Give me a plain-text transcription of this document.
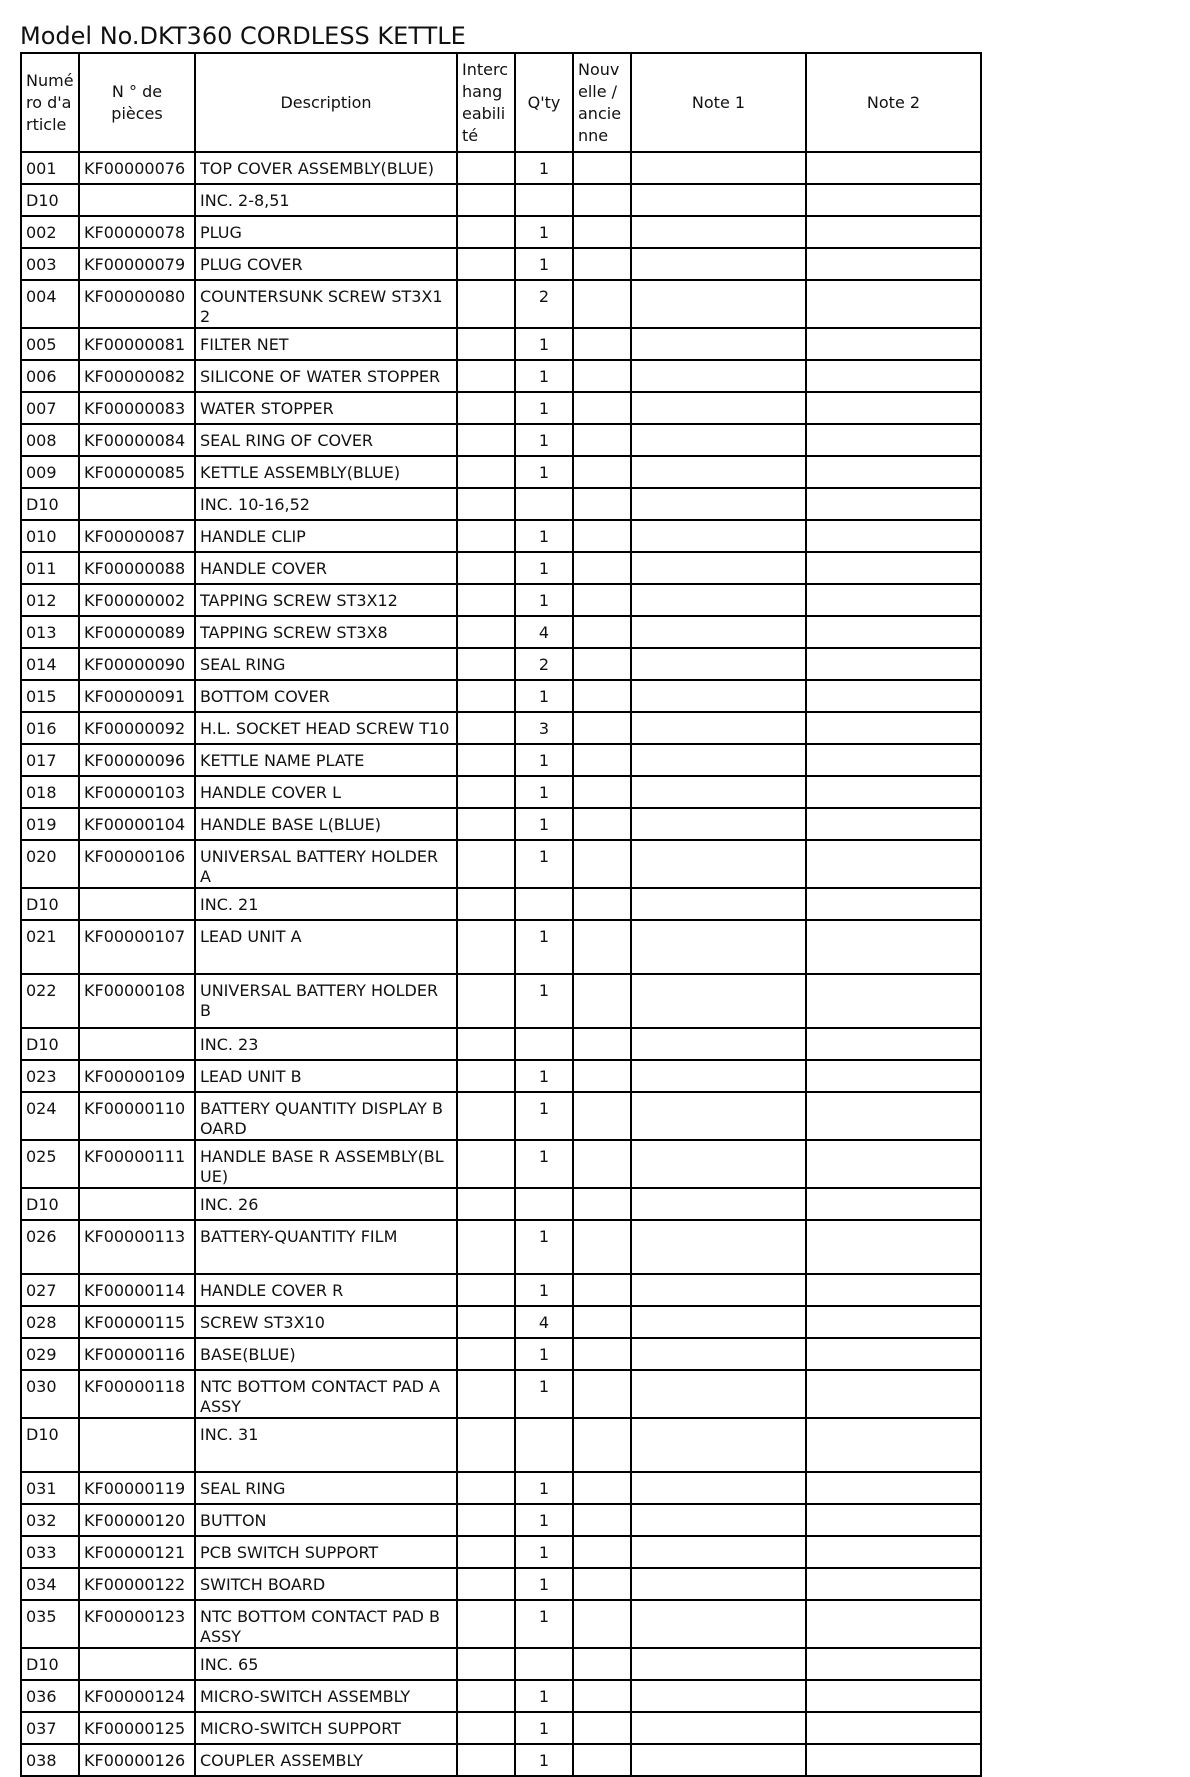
Model No.DKT360 CORDLESS KETTLE
Numéro d'article	N ° de pièces	Description	Interchangeabilité	Q'ty	Nouvelle / ancienne	Note 1	Note 2
001	KF00000076	TOP COVER ASSEMBLY(BLUE)		1			
D10		INC. 2-8,51					
002	KF00000078	PLUG		1			
003	KF00000079	PLUG COVER		1			
004	KF00000080	COUNTERSUNK SCREW ST3X12		2			
005	KF00000081	FILTER NET		1			
006	KF00000082	SILICONE OF WATER STOPPER		1			
007	KF00000083	WATER STOPPER		1			
008	KF00000084	SEAL RING OF COVER		1			
009	KF00000085	KETTLE ASSEMBLY(BLUE)		1			
D10		INC. 10-16,52					
010	KF00000087	HANDLE CLIP		1			
011	KF00000088	HANDLE COVER		1			
012	KF00000002	TAPPING SCREW ST3X12		1			
013	KF00000089	TAPPING SCREW ST3X8		4			
014	KF00000090	SEAL RING		2			
015	KF00000091	BOTTOM COVER		1			
016	KF00000092	H.L. SOCKET HEAD SCREW T10		3			
017	KF00000096	KETTLE NAME PLATE		1			
018	KF00000103	HANDLE COVER L		1			
019	KF00000104	HANDLE BASE L(BLUE)		1			
020	KF00000106	UNIVERSAL BATTERY HOLDER A		1			
D10		INC. 21					
021	KF00000107	LEAD UNIT A		1			
022	KF00000108	UNIVERSAL BATTERY HOLDER B		1			
D10		INC. 23					
023	KF00000109	LEAD UNIT B		1			
024	KF00000110	BATTERY QUANTITY DISPLAY BOARD		1			
025	KF00000111	HANDLE BASE R ASSEMBLY(BLUE)		1			
D10		INC. 26					
026	KF00000113	BATTERY-QUANTITY FILM		1			
027	KF00000114	HANDLE COVER R		1			
028	KF00000115	SCREW ST3X10		4			
029	KF00000116	BASE(BLUE)		1			
030	KF00000118	NTC BOTTOM CONTACT PAD A ASSY		1			
D10		INC. 31					
031	KF00000119	SEAL RING		1			
032	KF00000120	BUTTON		1			
033	KF00000121	PCB SWITCH SUPPORT		1			
034	KF00000122	SWITCH BOARD		1			
035	KF00000123	NTC BOTTOM CONTACT PAD B ASSY		1			
D10		INC. 65					
036	KF00000124	MICRO-SWITCH ASSEMBLY		1			
037	KF00000125	MICRO-SWITCH SUPPORT		1			
038	KF00000126	COUPLER ASSEMBLY		1			
